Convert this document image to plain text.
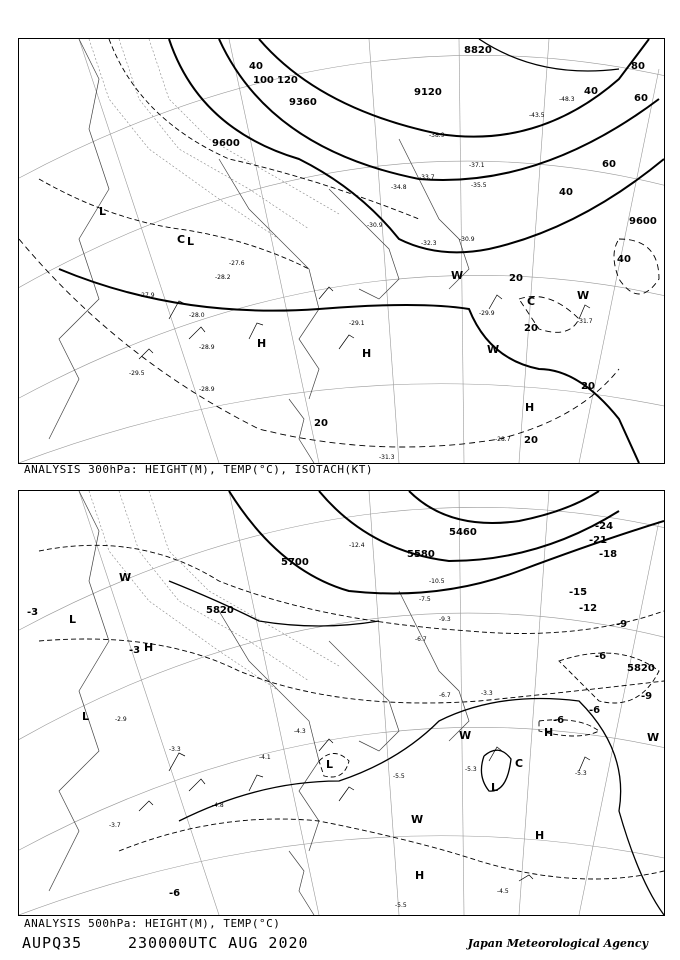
8820
9120
9360
9600
9600
20
20
20
20
20
40
40
60
60
80
100 120
40
40
H
H
H
L
L
C
C
W
W
W
-29.9
-31.7
-28.0
-29.1
-28.9
-30.9
-31.3
-28.7
-27.6
-37.1
-35.5
-33.7
-32.3
-34.8
-38.9
-43.5
-48.3
-30.9
-29.5
-28.9
-28.2
-27.9
ANALYSIS 300hPa: HEIGHT(M), TEMP(°C), ISOTACH(KT)
5700
5580
5460
5820
5820
-3
-3
-6
-6
-9
-9
-12
-15
-18
-21
-24
-6
-6
H
H
H
H
L
L
L
L	C
W
W	W
W
-5.5
-5.3
-4.5
-4.8
-5.3
-7.5
-9.3
-10.5
-12.4
-6.7
-5.5
-4.3
-3.3
-2.9
-3.7
-6.7	-3.3
-4.1
ANALYSIS 500hPa: HEIGHT(M), TEMP(°C)
AUPQ35	230000UTC AUG 2020	Japan Meteorological Agency
